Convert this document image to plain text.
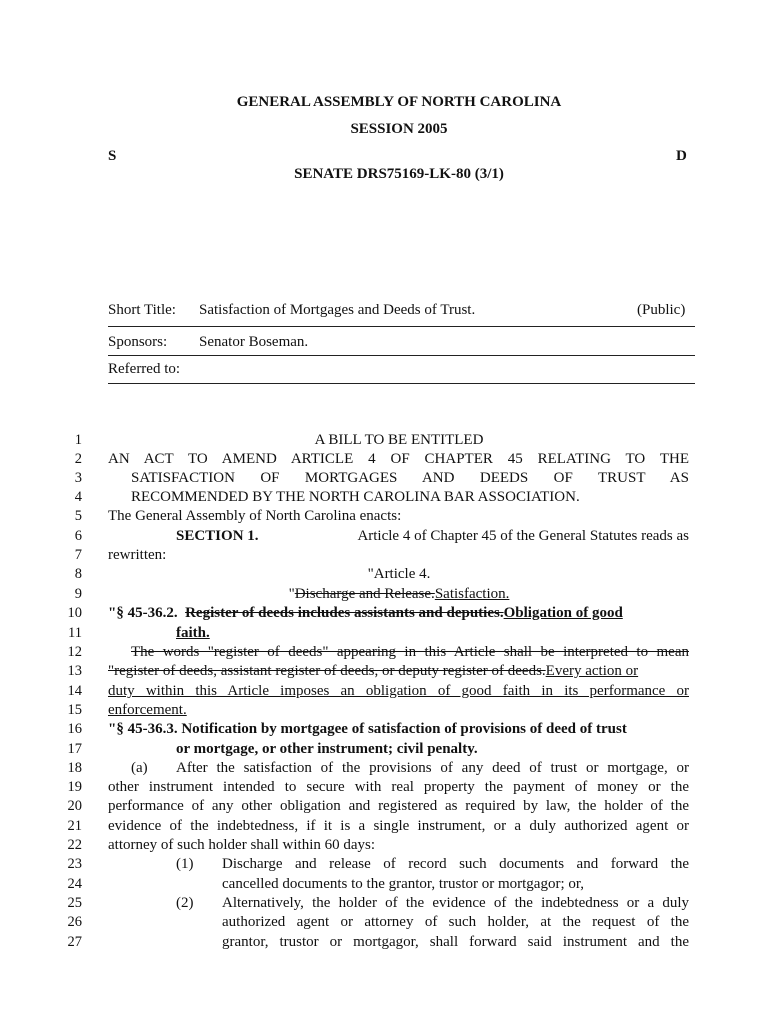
GENERAL ASSEMBLY OF NORTH CAROLINA
SESSION 2005
S	D
SENATE DRS75169-LK-80 (3/1)
Short Title: Satisfaction of Mortgages and Deeds of Trust.	(Public)
Sponsors: Senator Boseman.
Referred to:
1
2
3
4
5
6
7
8
9
10
11
12
13
14
15
16
17
18
19
20
21
22
23
24
25
26
27
A BILL TO BE ENTITLED
AN ACT TO AMEND ARTICLE 4 OF CHAPTER 45 RELATING TO THE
SATISFACTION OF MORTGAGES AND DEEDS OF TRUST AS
RECOMMENDED BY THE NORTH CAROLINA BAR ASSOCIATION.
The General Assembly of North Carolina enacts:
SECTION 1.	Article 4 of Chapter 45 of the General Statutes reads as
rewritten:
"Article 4.
"Discharge and Release.Satisfaction.
"§ 45-36.2. Register of deeds includes assistants and deputies.Obligation of good
faith.
The words "register of deeds" appearing in this Article shall be interpreted to mean
"register of deeds, assistant register of deeds, or deputy register of deeds.Every action or
duty within this Article imposes an obligation of good faith in its performance or
enforcement.
"§ 45-36.3. Notification by mortgagee of satisfaction of provisions of deed of trust
or mortgage, or other instrument; civil penalty.
(a)	After the satisfaction of the provisions of any deed of trust or mortgage, or
other instrument intended to secure with real property the payment of money or the
performance of any other obligation and registered as required by law, the holder of the
evidence of the indebtedness, if it is a single instrument, or a duly authorized agent or
attorney of such holder shall within 60 days:
(1)	Discharge and release of record such documents and forward the
cancelled documents to the grantor, trustor or mortgagor; or,
(2)	Alternatively, the holder of the evidence of the indebtedness or a duly
authorized agent or attorney of such holder, at the request of the
grantor, trustor or mortgagor, shall forward said instrument and the
